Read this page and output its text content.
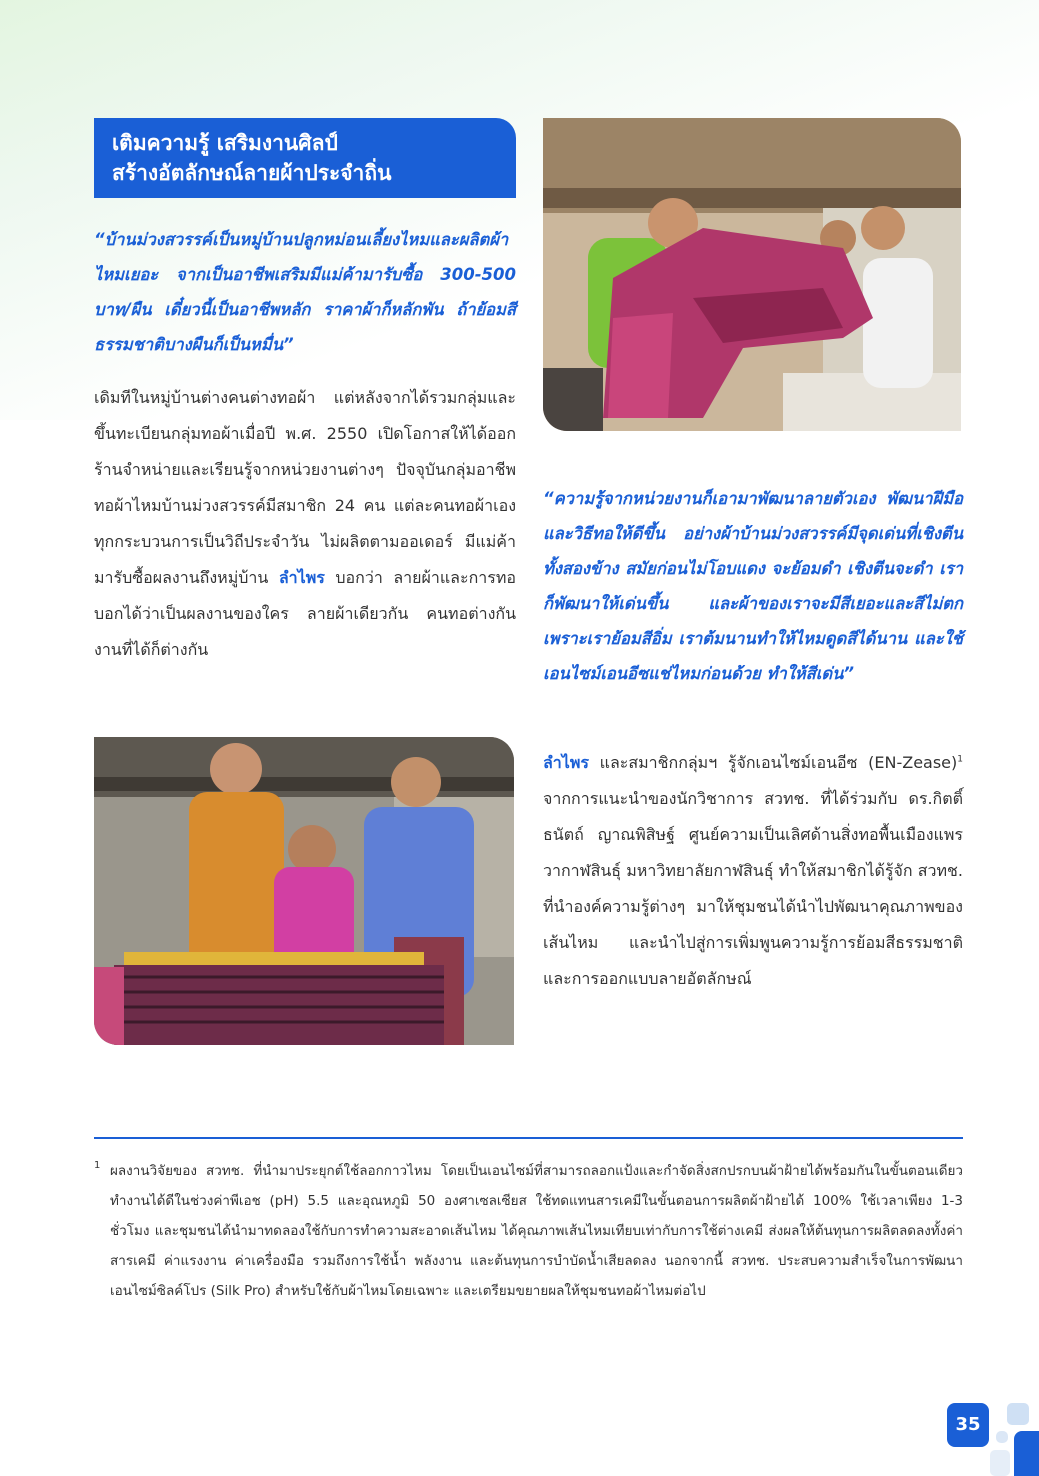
เติมความรู้ เสริมงานศิลป์
สร้างอัตลักษณ์ลายผ้าประจำถิ่น
“บ้านม่วงสวรรค์เป็นหมู่บ้านปลูกหม่อนเลี้ยงไหมและผลิตผ้าไหมเยอะ จากเป็นอาชีพเสริมมีแม่ค้ามารับซื้อ 300-500 บาท/ผืน เดี๋ยวนี้เป็นอาชีพหลัก ราคาผ้าก็หลักพัน ถ้าย้อมสีธรรมชาติบางผืนก็เป็นหมื่น”
เดิมทีในหมู่บ้านต่างคนต่างทอผ้า แต่หลังจากได้รวมกลุ่มและขึ้นทะเบียนกลุ่มทอผ้าเมื่อปี พ.ศ. 2550 เปิดโอกาสให้ได้ออกร้านจำหน่ายและเรียนรู้จากหน่วยงานต่างๆ ปัจจุบันกลุ่มอาชีพทอผ้าไหมบ้านม่วงสวรรค์มีสมาชิก 24 คน แต่ละคนทอผ้าเองทุกกระบวนการเป็นวิถีประจำวัน ไม่ผลิตตามออเดอร์ มีแม่ค้ามารับซื้อผลงานถึงหมู่บ้าน ลำไพร บอกว่า ลายผ้าและการทอบอกได้ว่าเป็นผลงานของใคร ลายผ้าเดียวกัน คนทอต่างกัน งานที่ได้ก็ต่างกัน
“ความรู้จากหน่วยงานก็เอามาพัฒนาลายตัวเอง พัฒนาฝีมือและวิธีทอให้ดีขึ้น อย่างผ้าบ้านม่วงสวรรค์มีจุดเด่นที่เชิงตีนทั้งสองข้าง สมัยก่อนไม่โอบแดง จะย้อมดำ เชิงตีนจะดำ เราก็พัฒนาให้เด่นขึ้น และผ้าของเราจะมีสีเยอะและสีไม่ตก เพราะเราย้อมสีอิ่ม เราต้มนานทำให้ไหมดูดสีได้นาน และใช้เอนไซม์เอนอีซแช่ไหมก่อนด้วย ทำให้สีเด่น”
ลำไพร และสมาชิกกลุ่มฯ รู้จักเอนไซม์เอนอีซ (EN-Zease)$^1$ จากการแนะนำของนักวิชาการ สวทช. ที่ได้ร่วมกับ ดร.กิตติ์ธนัตถ์ ญาณพิสิษฐ์ ศูนย์ความเป็นเลิศด้านสิ่งทอพื้นเมืองแพรวากาฬสินธุ์ มหาวิทยาลัยกาฬสินธุ์ ทำให้สมาชิกได้รู้จัก สวทช. ที่นำองค์ความรู้ต่างๆ มาให้ชุมชนได้นำไปพัฒนาคุณภาพของเส้นไหม และนำไปสู่การเพิ่มพูนความรู้การย้อมสีธรรมชาติและการออกแบบลายอัตลักษณ์
1 ผลงานวิจัยของ สวทช. ที่นำมาประยุกต์ใช้ลอกกาวไหม โดยเป็นเอนไซม์ที่สามารถลอกแป้งและกำจัดสิ่งสกปรกบนผ้าฝ้ายได้พร้อมกันในขั้นตอนเดียว ทำงานได้ดีในช่วงค่าพีเอช (pH) 5.5 และอุณหภูมิ 50 องศาเซลเซียส ใช้ทดแทนสารเคมีในขั้นตอนการผลิตผ้าฝ้ายได้ 100% ใช้เวลาเพียง 1-3 ชั่วโมง และชุมชนได้นำมาทดลองใช้กับการทำความสะอาดเส้นไหม ได้คุณภาพเส้นไหมเทียบเท่ากับการใช้ต่างเคมี ส่งผลให้ต้นทุนการผลิตลดลงทั้งค่าสารเคมี ค่าแรงงาน ค่าเครื่องมือ รวมถึงการใช้น้ำ พลังงาน และต้นทุนการบำบัดน้ำเสียลดลง นอกจากนี้ สวทช. ประสบความสำเร็จในการพัฒนาเอนไซม์ซิลค์โปร (Silk Pro) สำหรับใช้กับผ้าไหมโดยเฉพาะ และเตรียมขยายผลให้ชุมชนทอผ้าไหมต่อไป
35
